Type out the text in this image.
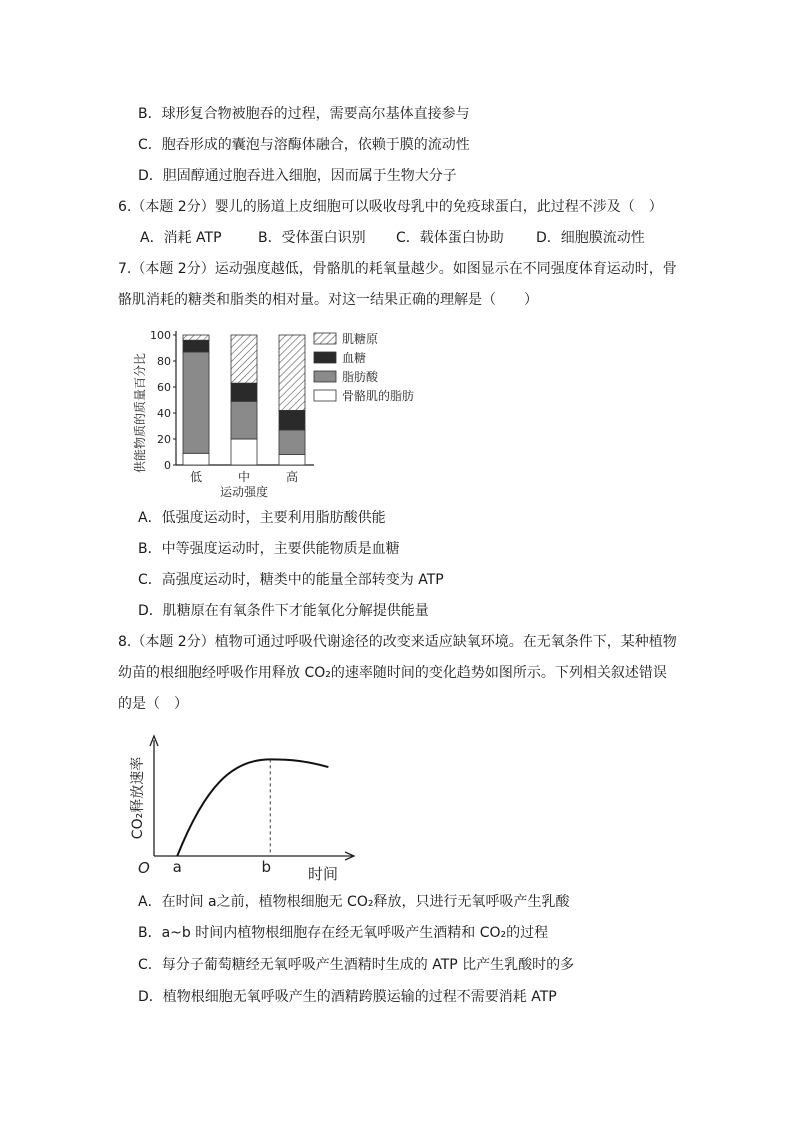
B．球形复合物被胞吞的过程，需要高尔基体直接参与
C．胞吞形成的囊泡与溶酶体融合，依赖于膜的流动性
D．胆固醇通过胞吞进入细胞，因而属于生物大分子
6.（本题 2分）婴儿的肠道上皮细胞可以吸收母乳中的免疫球蛋白，此过程不涉及（　）
A．消耗 ATP	B．受体蛋白识别 C．载体蛋白协助 D．细胞膜流动性
7.（本题 2分）运动强度越低，骨骼肌的耗氧量越少。如图显示在不同强度体育运动时，骨
骼肌消耗的糖类和脂类的相对量。对这一结果正确的理解是（　　）
供能物质的质量百分比 0
20
40
60
80
100
低	中	高
肌糖原
血糖
脂肪酸
骨骼肌的脂肪
运动强度
A．低强度运动时，主要利用脂肪酸供能
B．中等强度运动时，主要供能物质是血糖
C．高强度运动时，糖类中的能量全部转变为 ATP
D．肌糖原在有氧条件下才能氧化分解提供能量
8.（本题 2分）植物可通过呼吸代谢途径的改变来适应缺氧环境。在无氧条件下，某种植物
幼苗的根细胞经呼吸作用释放 CO₂的速率随时间的变化趋势如图所示。下列相关叙述错误
的是（　）
CO₂释放速率
O	时间
a	b
A．在时间 a之前，植物根细胞无 CO₂释放，只进行无氧呼吸产生乳酸
B．a~b 时间内植物根细胞存在经无氧呼吸产生酒精和 CO₂的过程
C．每分子葡萄糖经无氧呼吸产生酒精时生成的 ATP 比产生乳酸时的多
D．植物根细胞无氧呼吸产生的酒精跨膜运输的过程不需要消耗 ATP
